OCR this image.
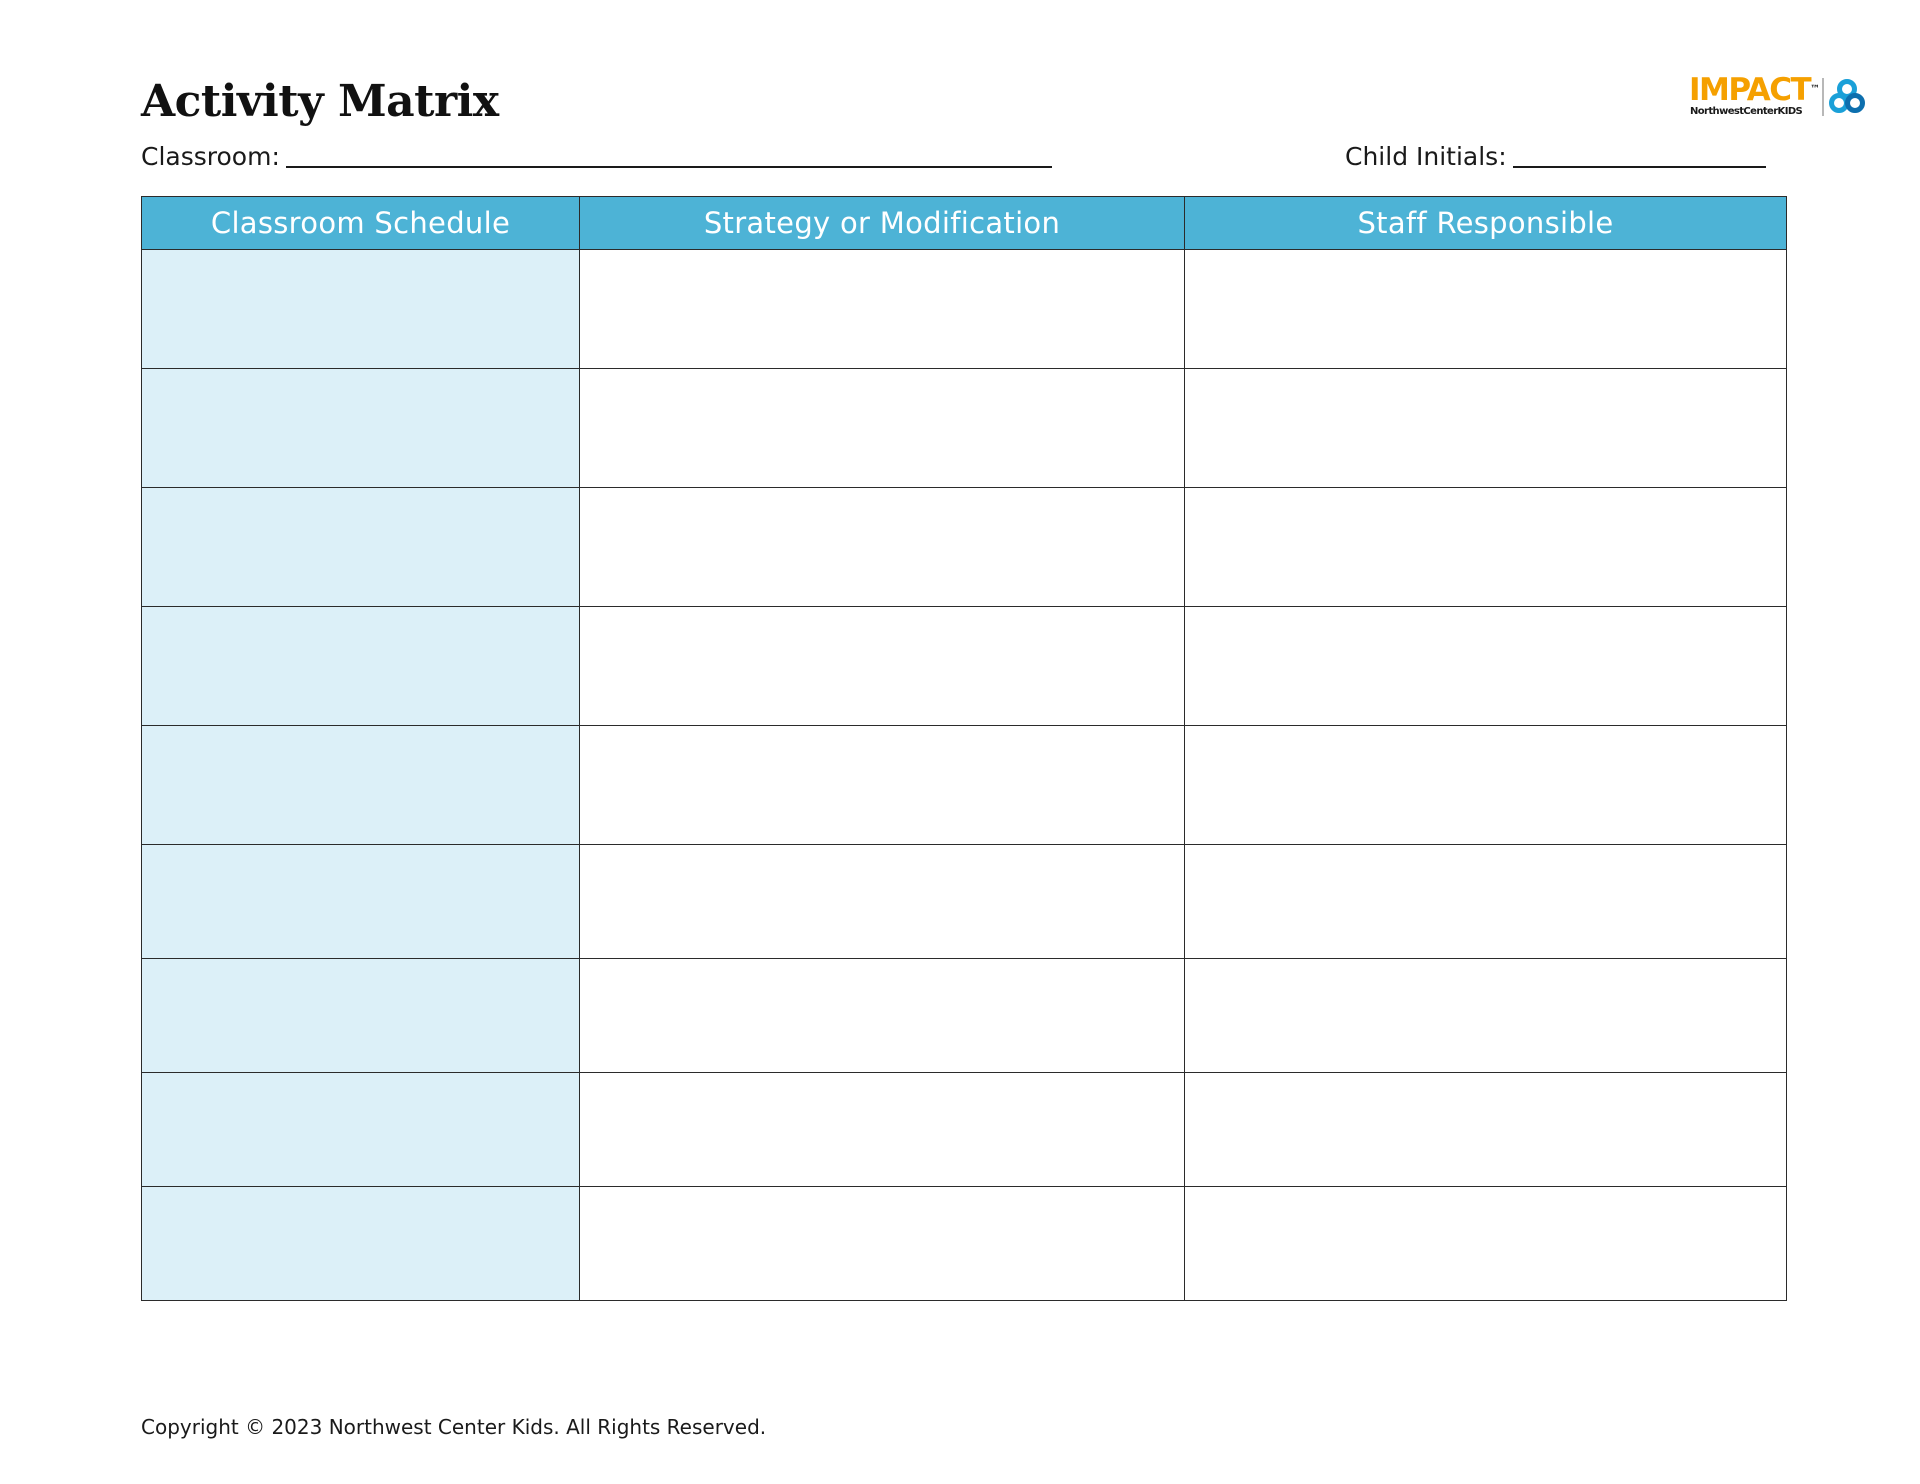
Activity Matrix
Classroom:	Child Initials:
IMPACT™
NorthwestCenterKIDS
Classroom Schedule	Strategy or Modification	Staff Responsible

Copyright © 2023 Northwest Center Kids. All Rights Reserved.
